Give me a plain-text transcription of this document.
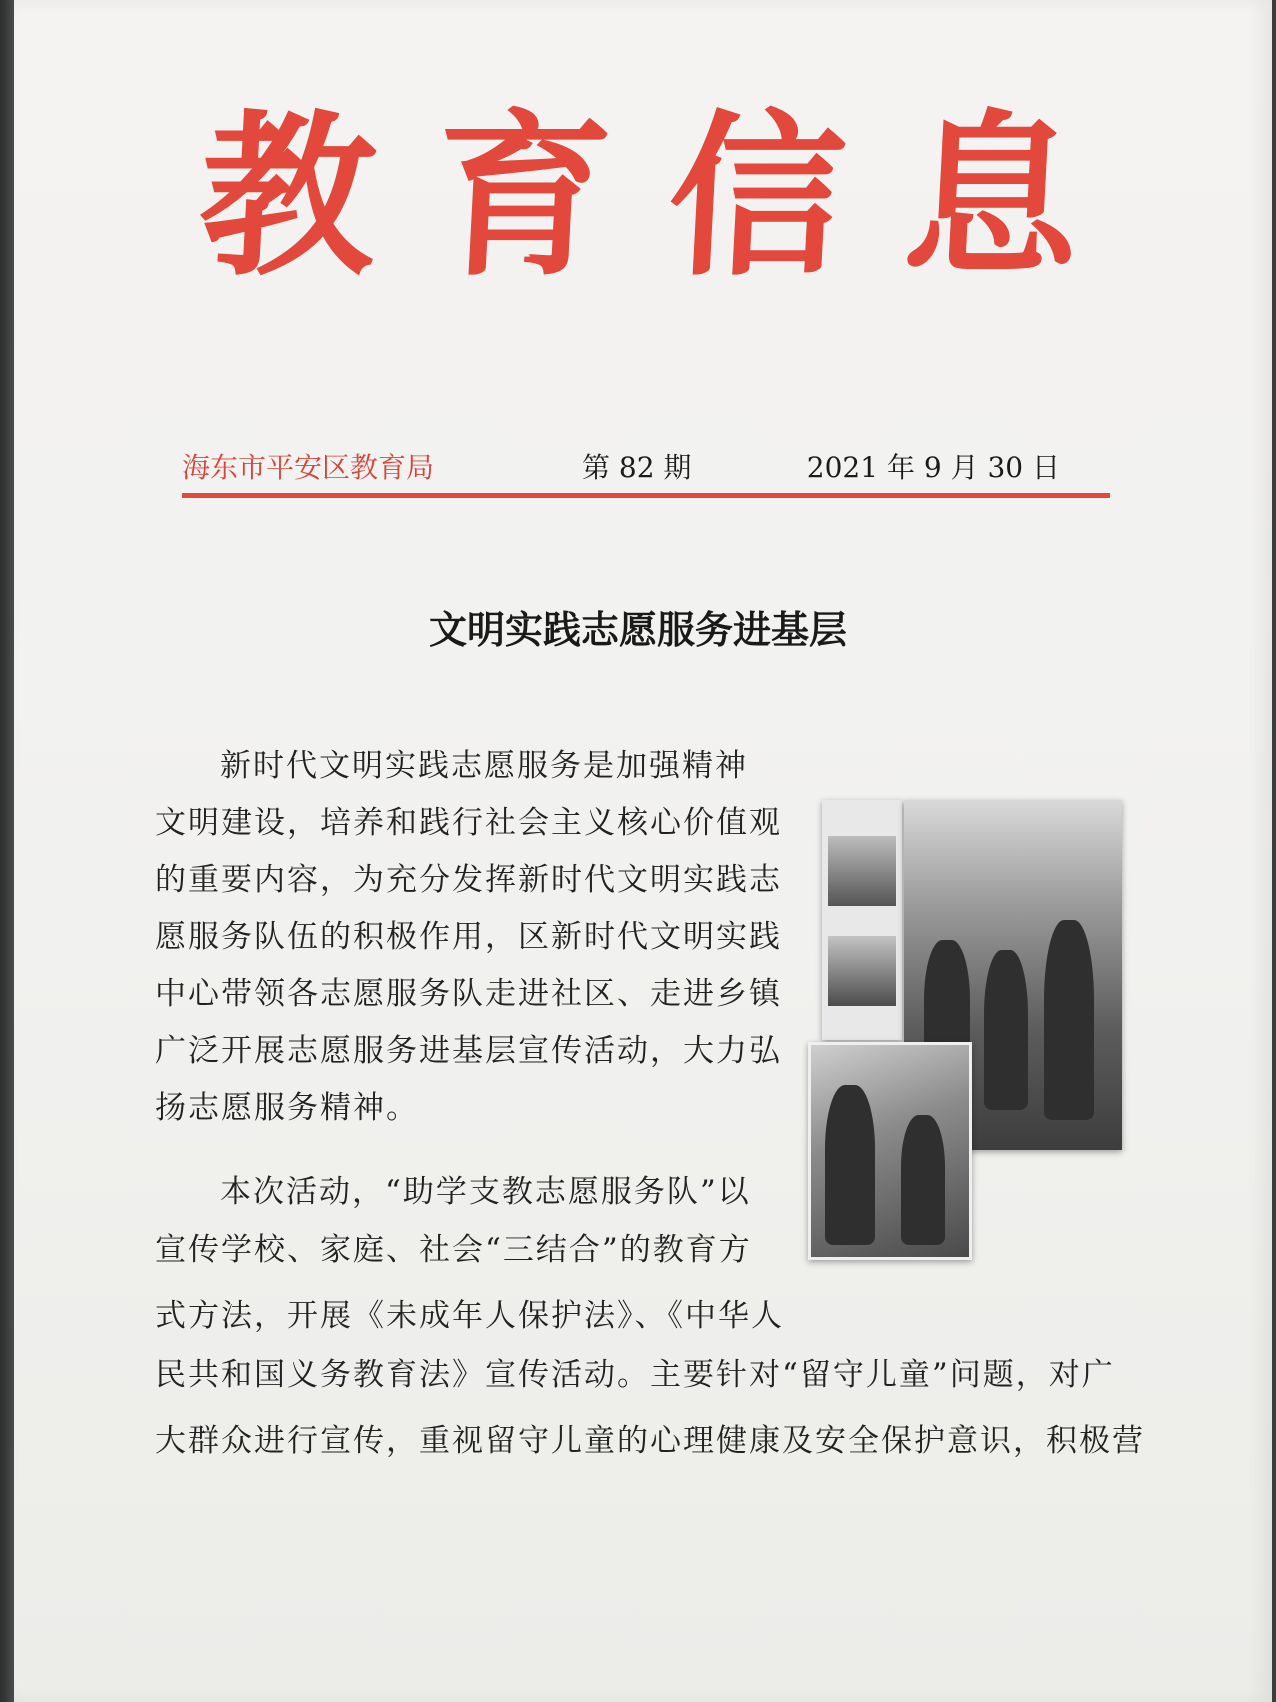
教 育 信 息
海东市平安区教育局	第 82 期	2021 年 9 月 30 日
文明实践志愿服务进基层
新时代文明实践志愿服务是加强精神
文明建设，培养和践行社会主义核心价值观
的重要内容，为充分发挥新时代文明实践志
愿服务队伍的积极作用，区新时代文明实践
中心带领各志愿服务队走进社区、走进乡镇
广泛开展志愿服务进基层宣传活动，大力弘
扬志愿服务精神。
本次活动，“助学支教志愿服务队”以
宣传学校、家庭、社会“三结合”的教育方
式方法，开展《未成年人保护法》、《中华人
民共和国义务教育法》宣传活动。主要针对“留守儿童”问题，对广
大群众进行宣传，重视留守儿童的心理健康及安全保护意识，积极营
